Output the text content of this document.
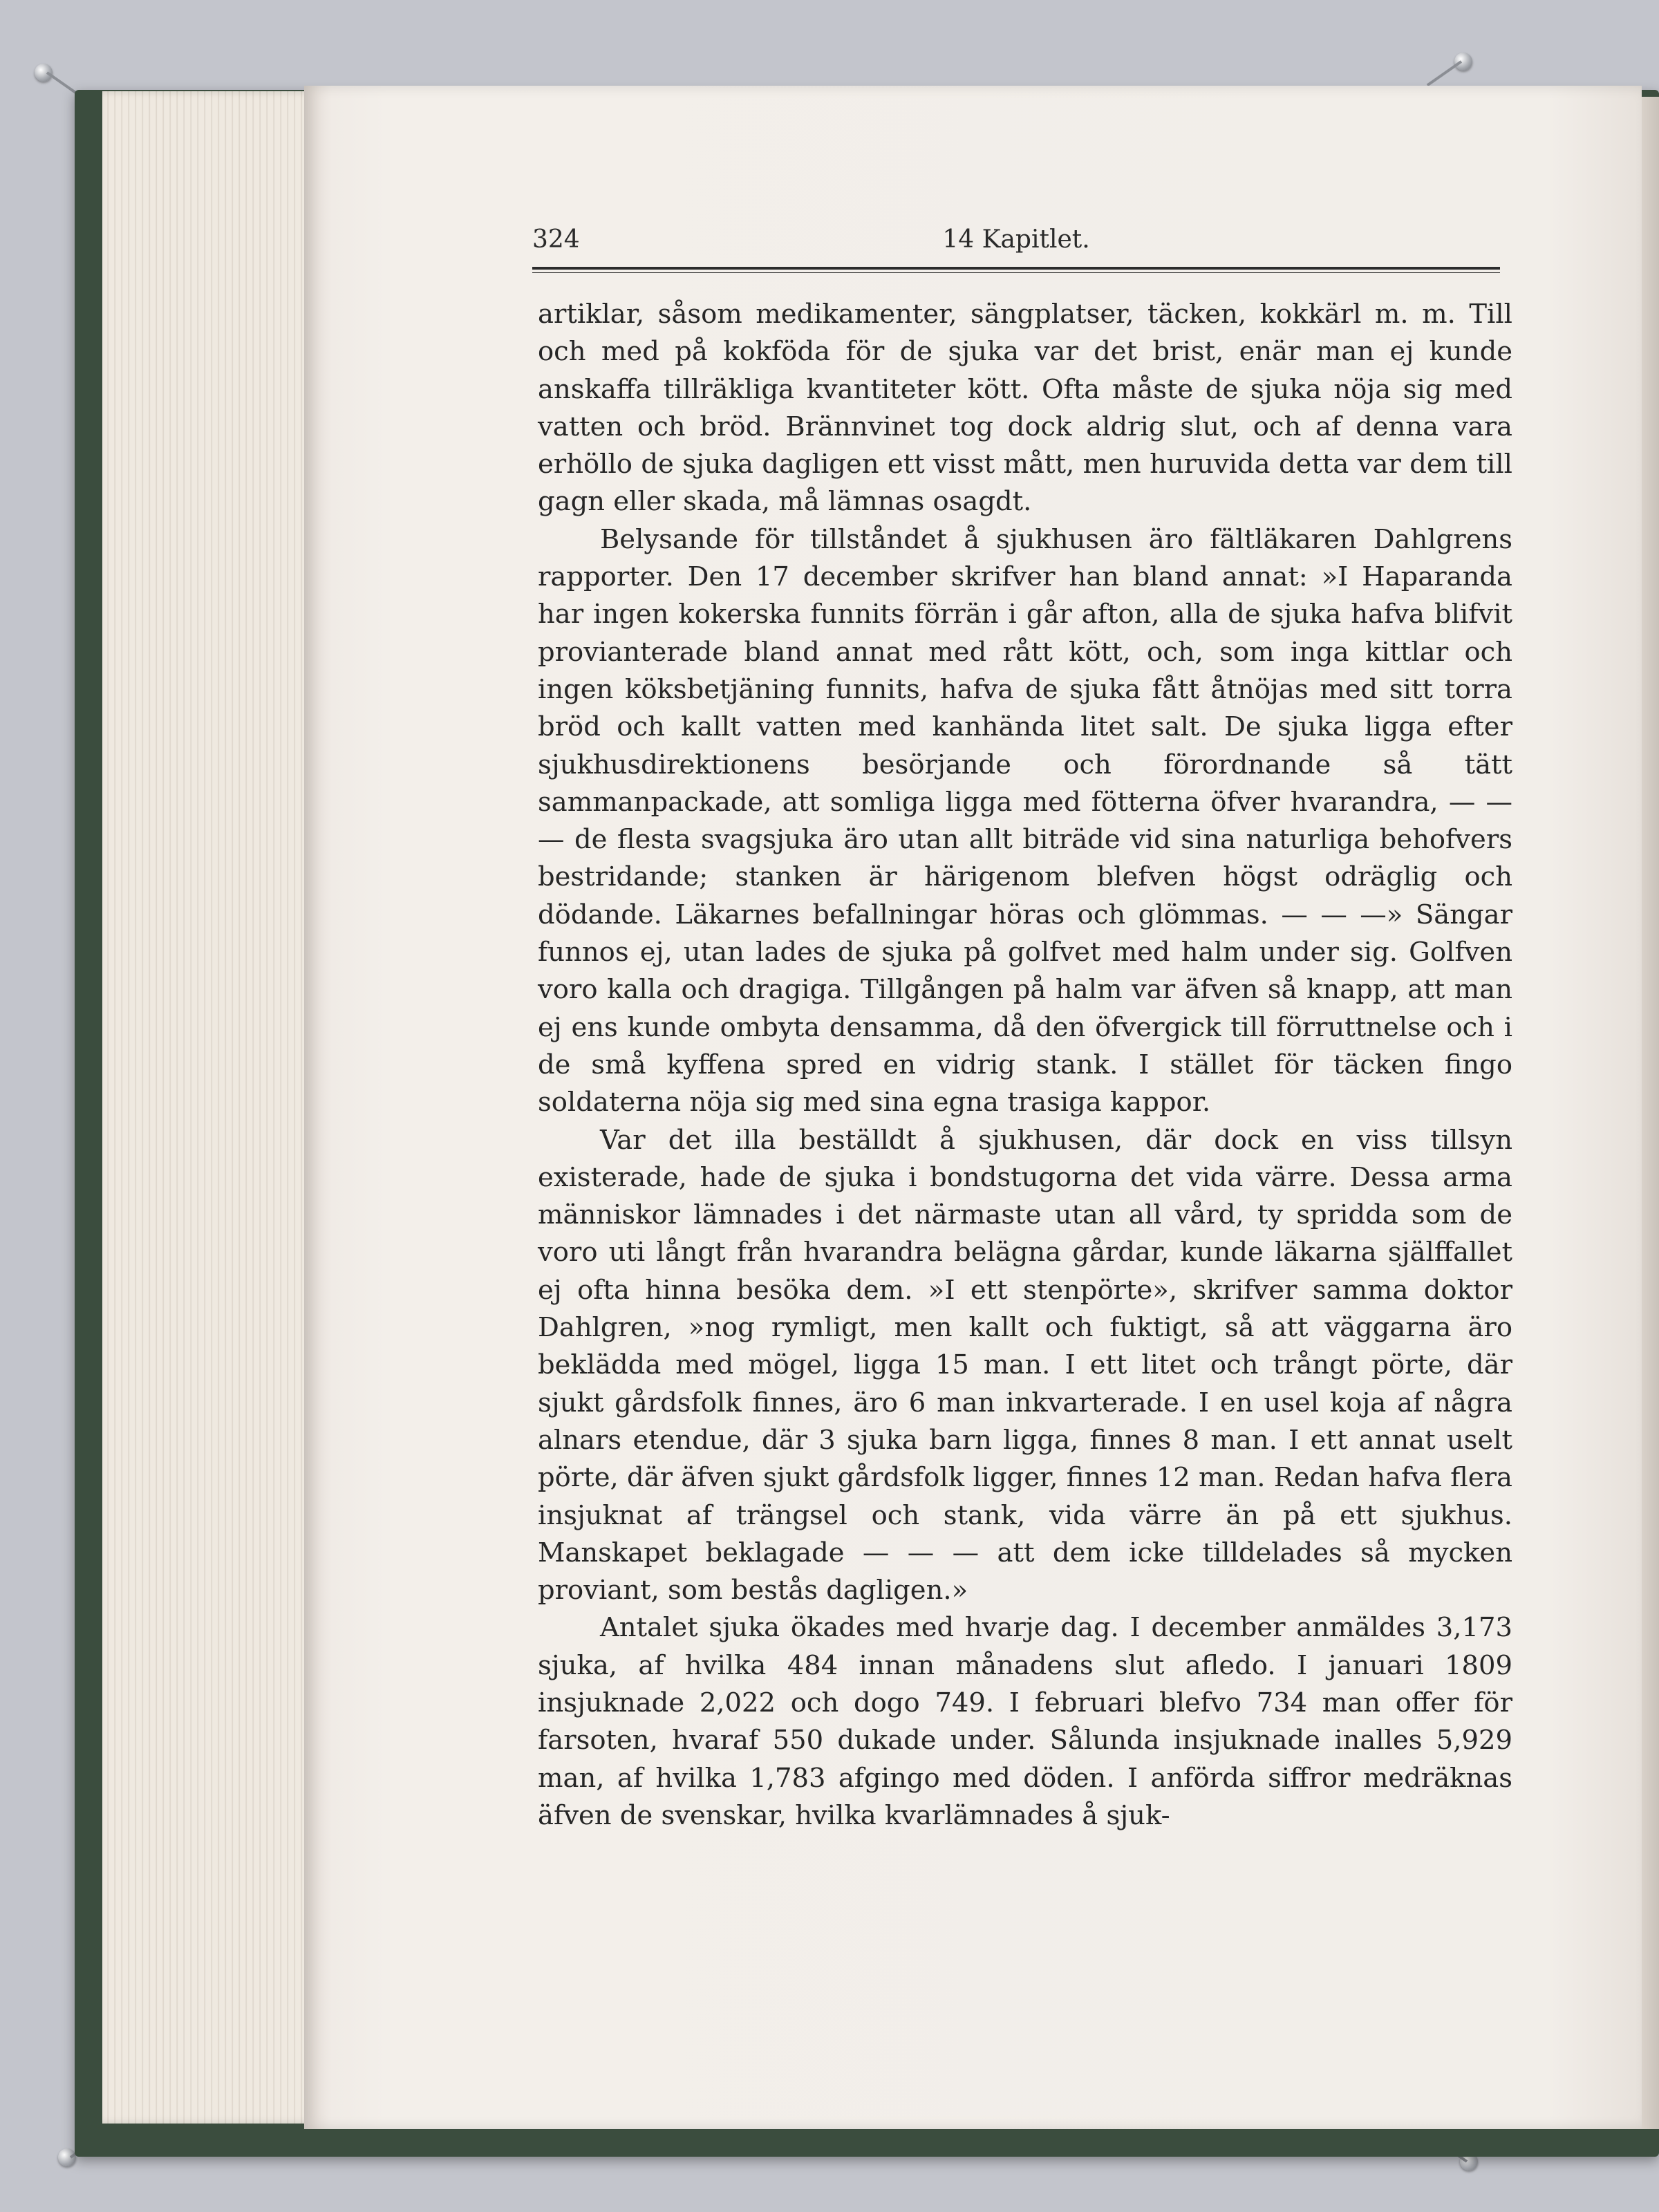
324	14 Kapitlet.

artiklar, såsom medikamenter, sängplatser, täcken, kokkärl m. m. Till och med på kokföda för de sjuka var det brist, enär man ej kunde anskaffa tillräkliga kvantiteter kött. Ofta måste de sjuka nöja sig med vatten och bröd. Brännvinet tog dock aldrig slut, och af denna vara erhöllo de sjuka dagligen ett visst mått, men huruvida detta var dem till gagn eller skada, må lämnas osagdt.

Belysande för tillståndet å sjukhusen äro fältläkaren Dahlgrens rapporter. Den 17 december skrifver han bland annat: »I Haparanda har ingen kokerska funnits förrän i går afton, alla de sjuka hafva blifvit provianterade bland annat med rått kött, och, som inga kittlar och ingen köksbetjäning funnits, hafva de sjuka fått åtnöjas med sitt torra bröd och kallt vatten med kanhända litet salt. De sjuka ligga efter sjukhusdirektionens besörjande och förordnande så tätt sammanpackade, att somliga ligga med fötterna öfver hvarandra, — — — de flesta svagsjuka äro utan allt biträde vid sina naturliga behofvers bestridande; stanken är härigenom blefven högst odräglig och dödande. Läkarnes befallningar höras och glömmas. — — —» Sängar funnos ej, utan lades de sjuka på golfvet med halm under sig. Golfven voro kalla och dragiga. Tillgången på halm var äfven så knapp, att man ej ens kunde ombyta densamma, då den öfvergick till förruttnelse och i de små kyffena spred en vidrig stank. I stället för täcken fingo soldaterna nöja sig med sina egna trasiga kappor.

Var det illa beställdt å sjukhusen, där dock en viss tillsyn existerade, hade de sjuka i bondstugorna det vida värre. Dessa arma människor lämnades i det närmaste utan all vård, ty spridda som de voro uti långt från hvarandra belägna gårdar, kunde läkarna själffallet ej ofta hinna besöka dem. »I ett stenpörte», skrifver samma doktor Dahlgren, »nog rymligt, men kallt och fuktigt, så att väggarna äro beklädda med mögel, ligga 15 man. I ett litet och trångt pörte, där sjukt gårdsfolk finnes, äro 6 man inkvarterade. I en usel koja af några alnars etendue, där 3 sjuka barn ligga, finnes 8 man. I ett annat uselt pörte, där äfven sjukt gårdsfolk ligger, finnes 12 man. Redan hafva flera insjuknat af trängsel och stank, vida värre än på ett sjukhus. Manskapet beklagade — — — att dem icke tilldelades så mycken proviant, som bestås dagligen.»

Antalet sjuka ökades med hvarje dag. I december anmäldes 3,173 sjuka, af hvilka 484 innan månadens slut afledo. I januari 1809 insjuknade 2,022 och dogo 749. I februari blefvo 734 man offer för farsoten, hvaraf 550 dukade under. Sålunda insjuknade inalles 5,929 man, af hvilka 1,783 afgingo med döden. I anförda siffror medräknas äfven de svenskar, hvilka kvarlämnades å sjuk-
